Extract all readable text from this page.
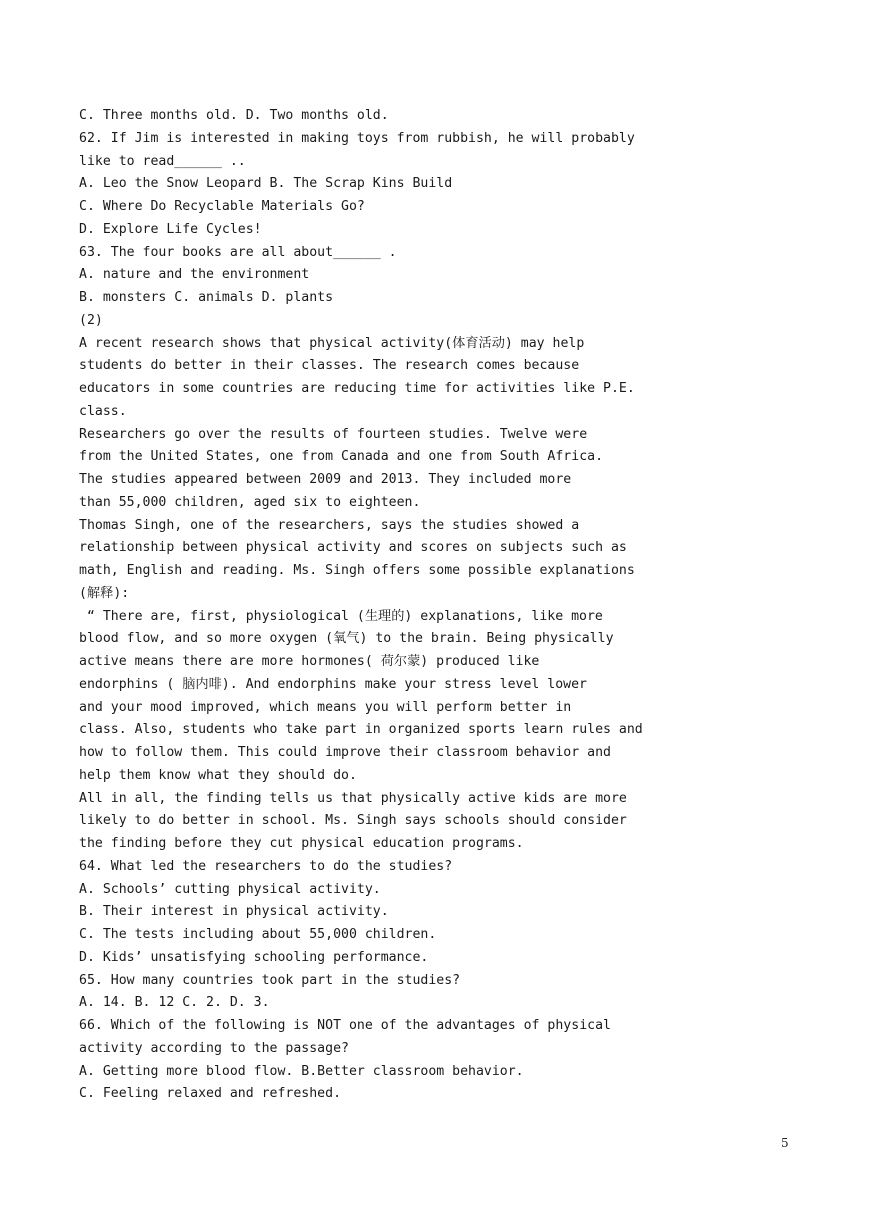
C. Three months old. D. Two months old.
62. If Jim is interested in making toys from rubbish, he will probably
like to read______ ..
A. Leo the Snow Leopard B. The Scrap Kins Build
C. Where Do Recyclable Materials Go?
D. Explore Life Cycles!
63. The four books are all about______ .
A. nature and the environment
B. monsters C. animals D. plants
(2)
A recent research shows that physical activity(体育活动) may help
students do better in their classes. The research comes because
educators in some countries are reducing time for activities like P.E.
class.
Researchers go over the results of fourteen studies. Twelve were
from the United States, one from Canada and one from South Africa.
The studies appeared between 2009 and 2013. They included more
than 55,000 children, aged six to eighteen.
Thomas Singh, one of the researchers, says the studies showed a
relationship between physical activity and scores on subjects such as
math, English and reading. Ms. Singh offers some possible explanations
(解释):
“ There are, first, physiological (生理的) explanations, like more
blood flow, and so more oxygen (氧气) to the brain. Being physically
active means there are more hormones( 荷尔蒙) produced like
endorphins ( 脑内啡). And endorphins make your stress level lower
and your mood improved, which means you will perform better in
class. Also, students who take part in organized sports learn rules and
how to follow them. This could improve their classroom behavior and
help them know what they should do.
All in all, the finding tells us that physically active kids are more
likely to do better in school. Ms. Singh says schools should consider
the finding before they cut physical education programs.
64. What led the researchers to do the studies?
A. Schools’ cutting physical activity.
B. Their interest in physical activity.
C. The tests including about 55,000 children.
D. Kids’ unsatisfying schooling performance.
65. How many countries took part in the studies?
A. 14. B. 12 C. 2. D. 3.
66. Which of the following is NOT one of the advantages of physical
activity according to the passage?
A. Getting more blood flow. B.Better classroom behavior.
C. Feeling relaxed and refreshed.
5
